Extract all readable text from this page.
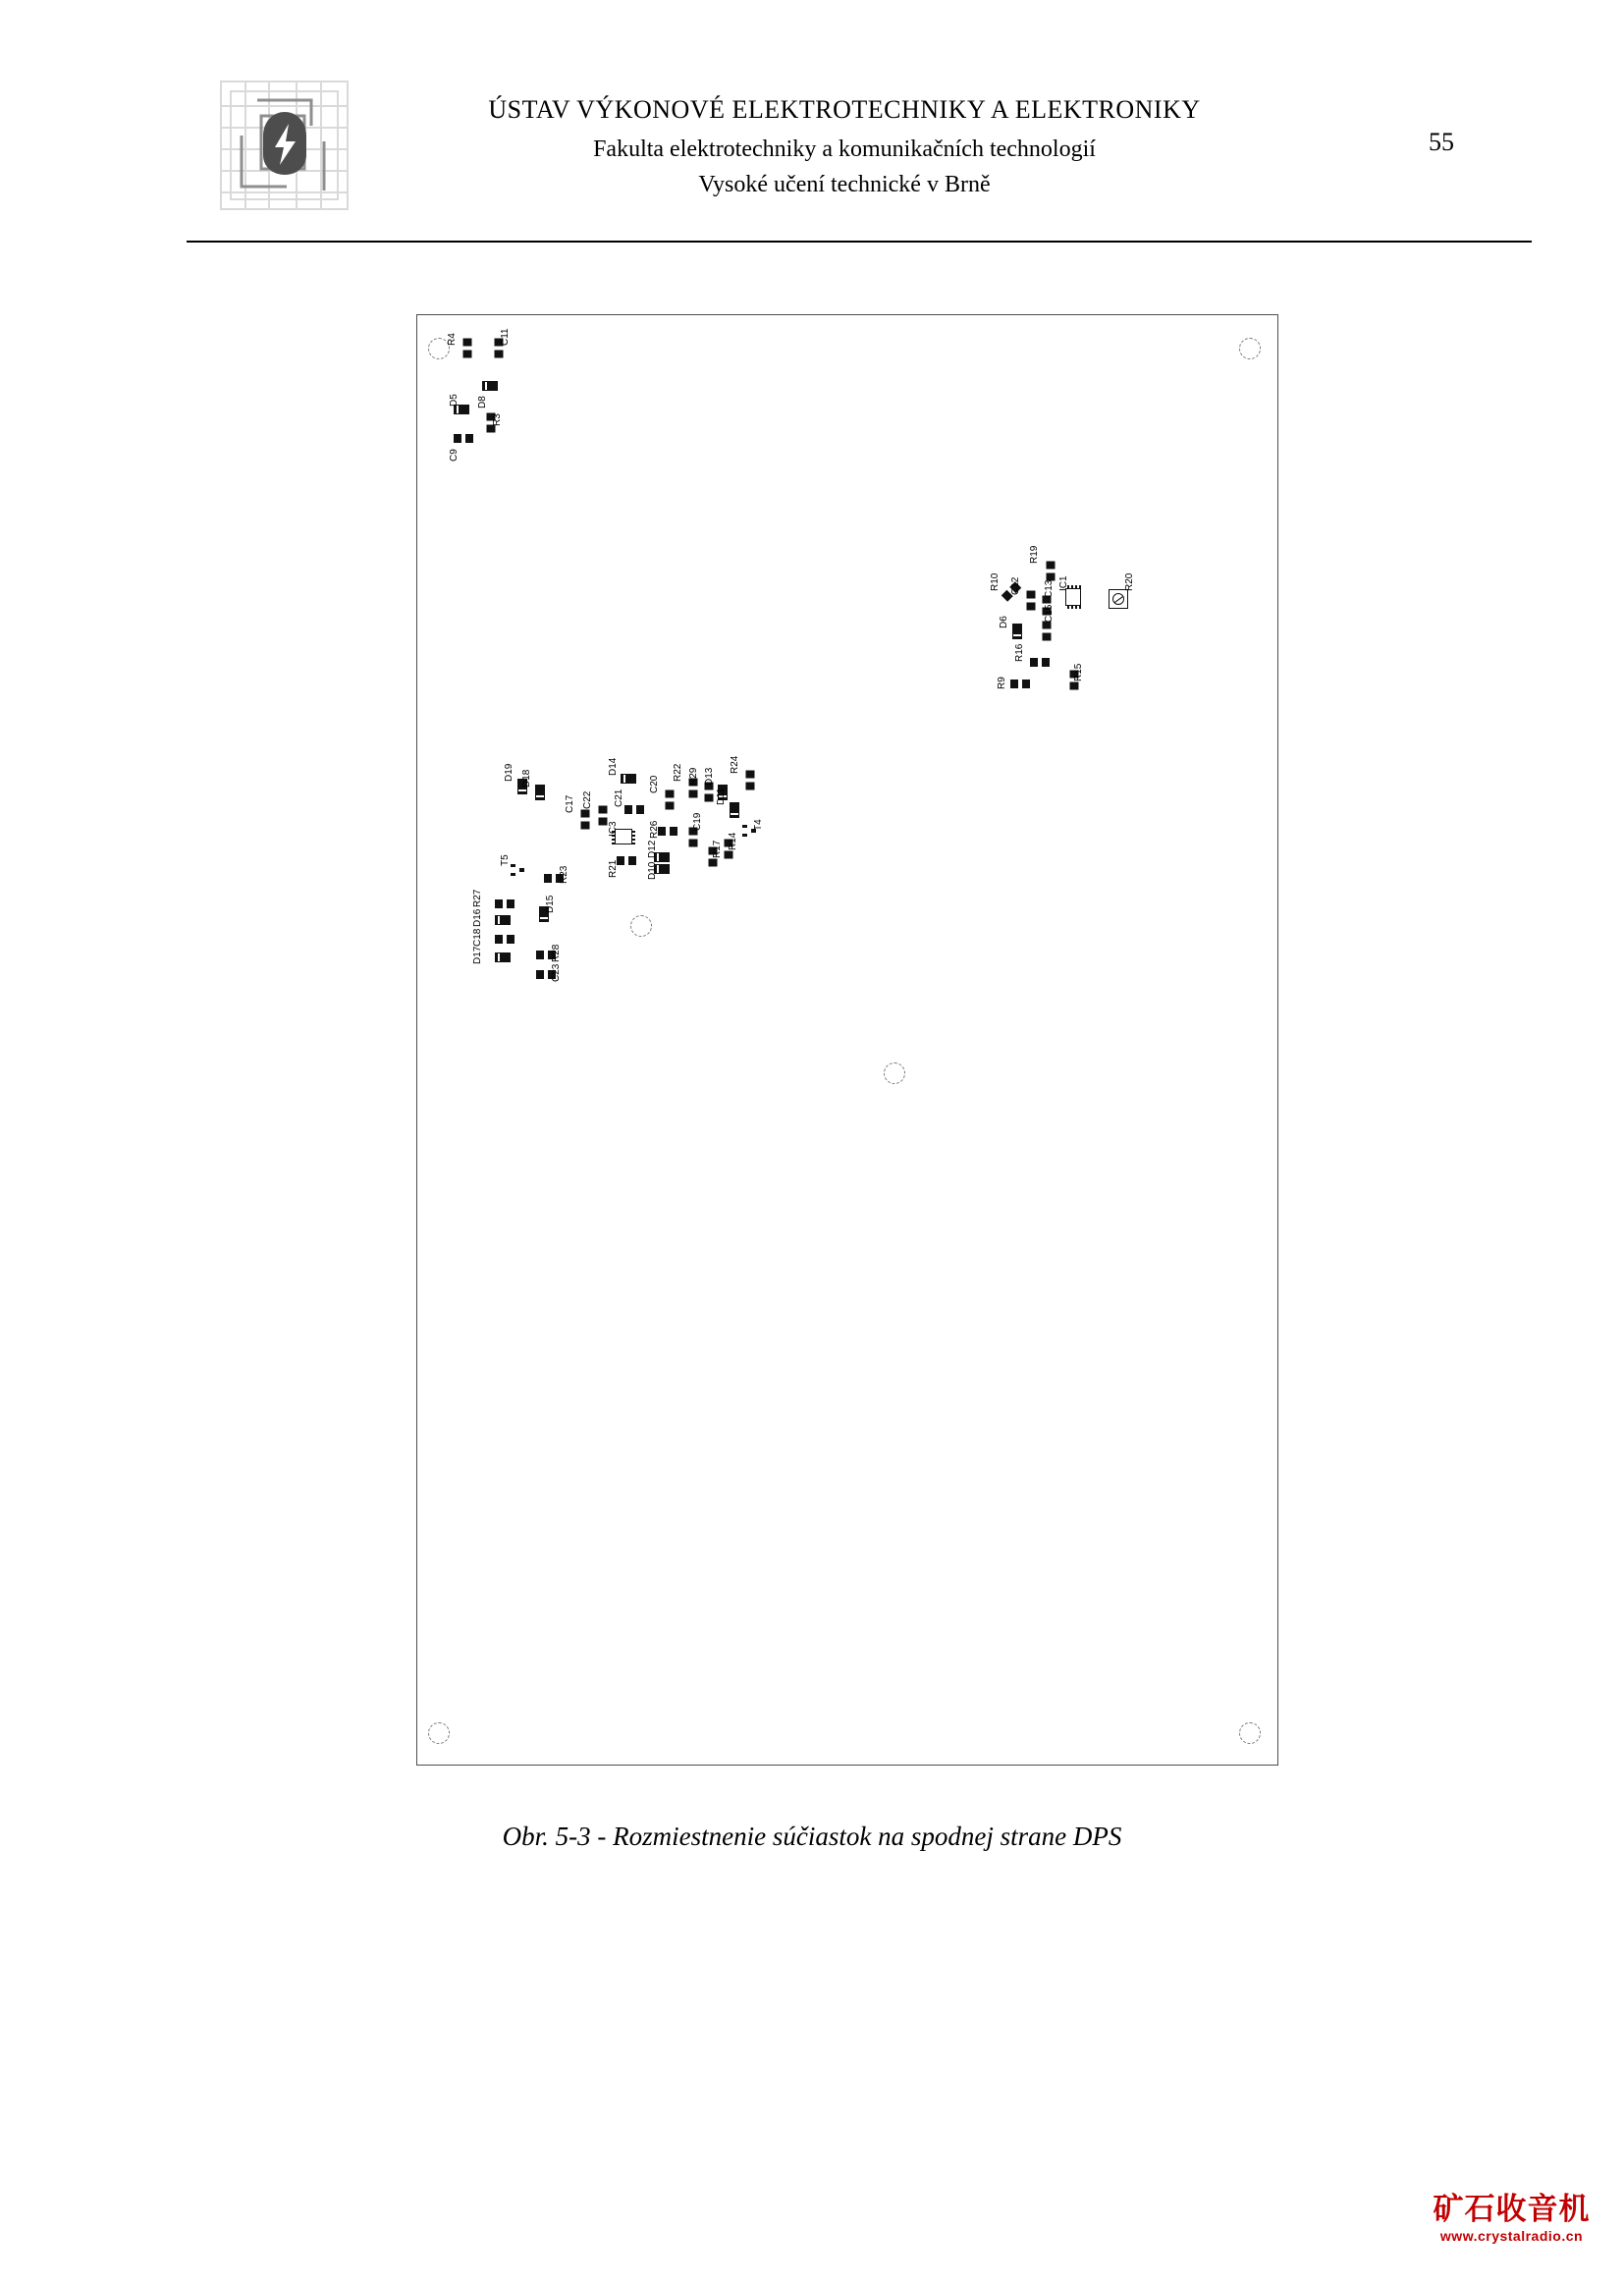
ÚSTAV VÝKONOVÉ ELEKTROTECHNIKY A ELEKTRONIKY
Fakulta elektrotechniky a komunikačních technologií
Vysoké učení technické v Brně
55
R4	C11
D8
D5
R3
C9
R19
R10 C12 C13 IC1	R20
C15
D6
R16
R9
R15
D19 D18
D14	R22 R29 D13
R24
C17 C22 C21
C20
D11
IC3	R26	C19	T4
R21
D12
D10
R17 R14
T5
R23
R27
D16
D15
C18
D17	R28
C23
Obr. 5-3 - Rozmiestnenie súčiastok na spodnej strane DPS
矿石收音机
www.crystalradio.cn
